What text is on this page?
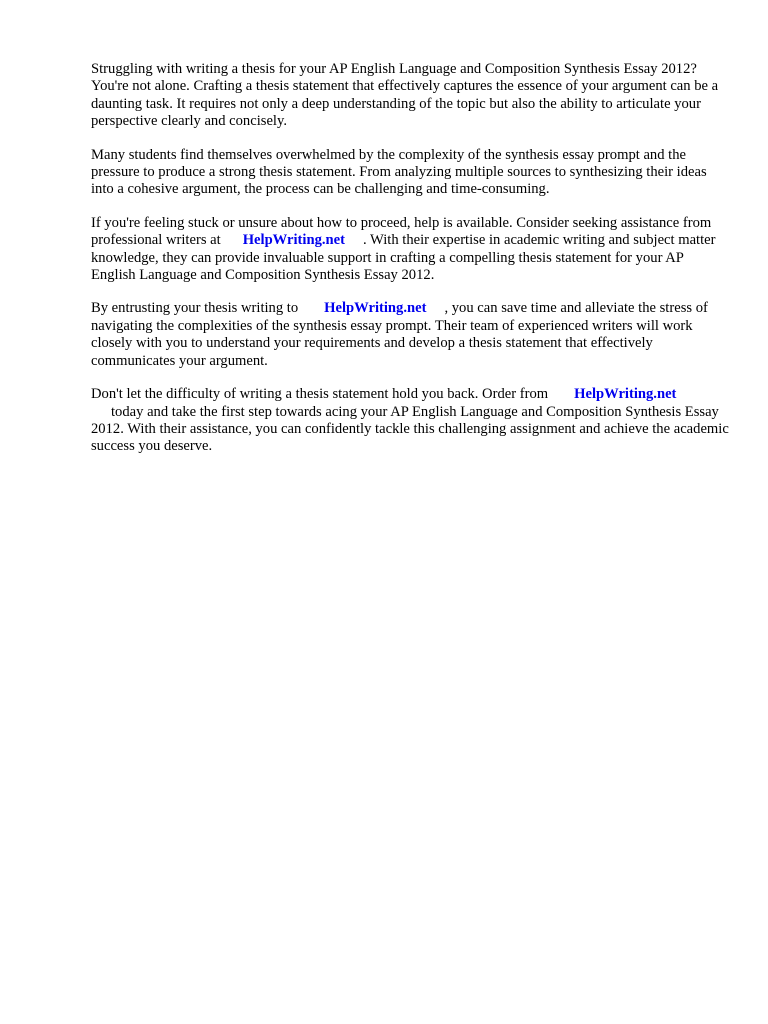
Struggling with writing a thesis for your AP English Language and Composition Synthesis Essay 2012? You're not alone. Crafting a thesis statement that effectively captures the essence of your argument can be a daunting task. It requires not only a deep understanding of the topic but also the ability to articulate your perspective clearly and concisely.

Many students find themselves overwhelmed by the complexity of the synthesis essay prompt and the pressure to produce a strong thesis statement. From analyzing multiple sources to synthesizing their ideas into a cohesive argument, the process can be challenging and time-consuming.

If you're feeling stuck or unsure about how to proceed, help is available. Consider seeking assistance from professional writers at HelpWriting.net . With their expertise in academic writing and subject matter knowledge, they can provide invaluable support in crafting a compelling thesis statement for your AP English Language and Composition Synthesis Essay 2012.

By entrusting your thesis writing to HelpWriting.net , you can save time and alleviate the stress of navigating the complexities of the synthesis essay prompt. Their team of experienced writers will work closely with you to understand your requirements and develop a thesis statement that effectively communicates your argument.

Don't let the difficulty of writing a thesis statement hold you back. Order from HelpWriting.net
today and take the first step towards acing your AP English Language and Composition Synthesis Essay 2012. With their assistance, you can confidently tackle this challenging assignment and achieve the academic success you deserve.
